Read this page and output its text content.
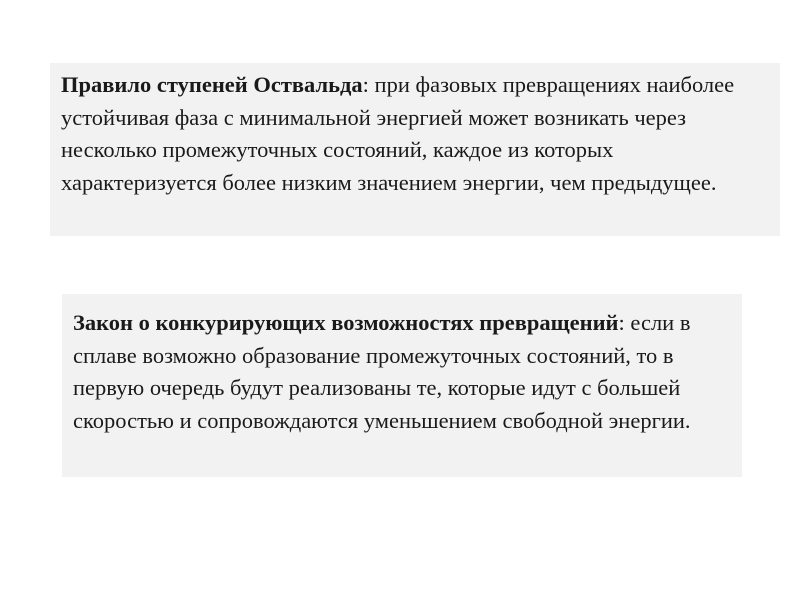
Правило ступеней Оствальда: при фазовых превращениях наиболее устойчивая фаза с минимальной энергией может возникать через несколько промежуточных состояний, каждое из которых характеризуется более низким значением энергии, чем предыдущее.
Закон о конкурирующих возможностях превращений: если в сплаве возможно образование промежуточных состояний, то в первую очередь будут реализованы те, которые идут с большей скоростью и сопровождаются уменьшением свободной энергии.
